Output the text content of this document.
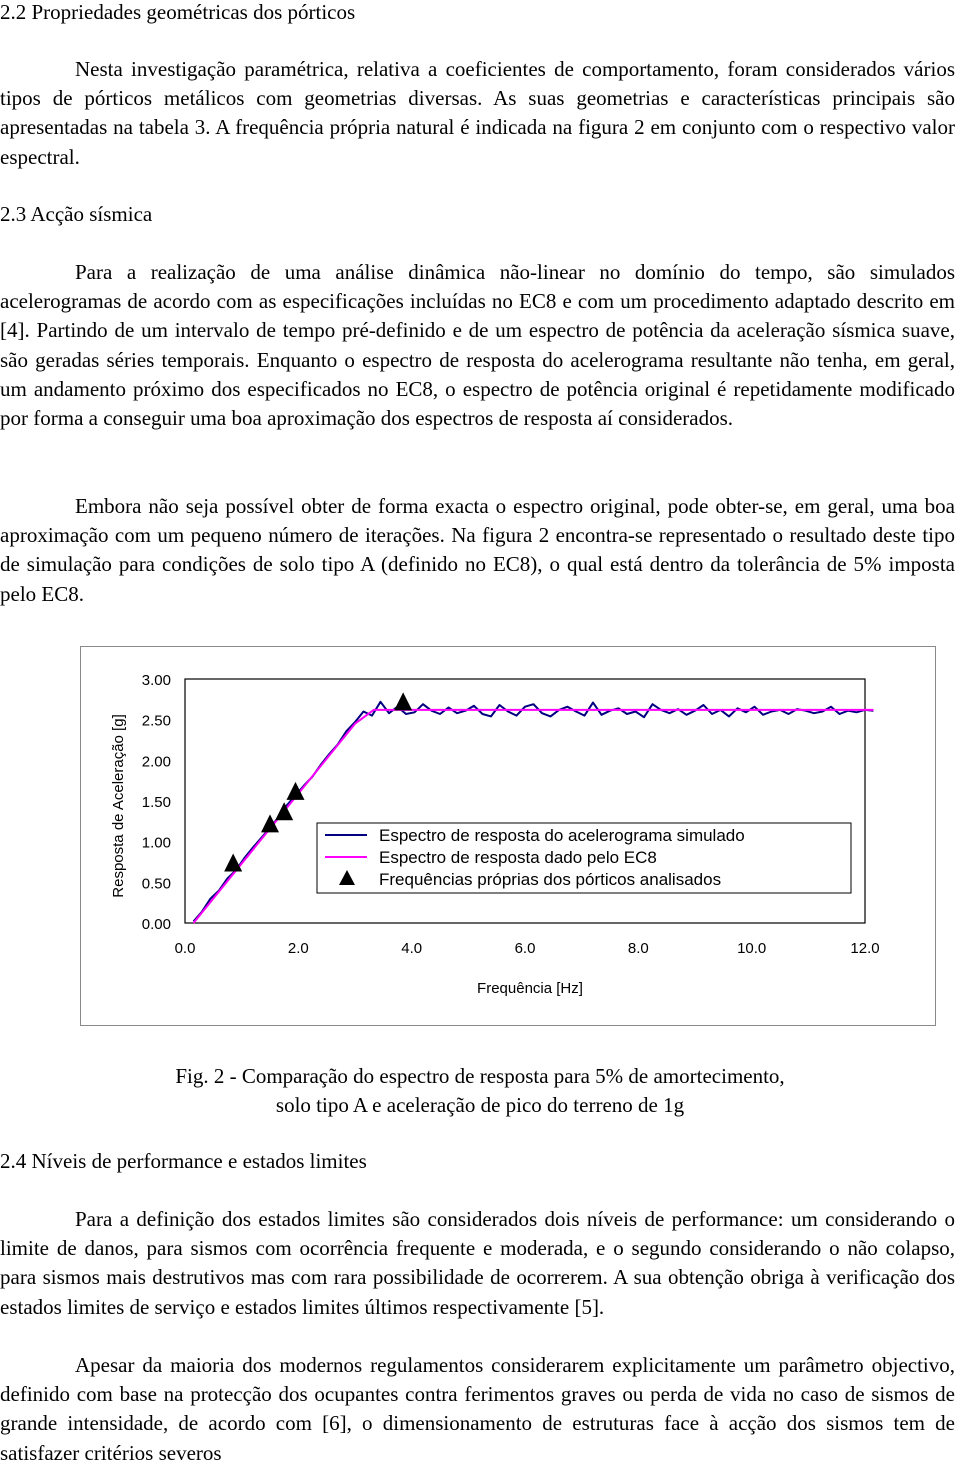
2.2 Propriedades geométricas dos pórticos

Nesta investigação paramétrica, relativa a coeficientes de comportamento, foram considerados vários tipos de pórticos metálicos com geometrias diversas. As suas geometrias e características principais são apresentadas na tabela 3. A frequência própria natural é indicada na figura 2 em conjunto com o respectivo valor espectral.

2.3 Acção sísmica

Para a realização de uma análise dinâmica não-linear no domínio do tempo, são simulados acelerogramas de acordo com as especificações incluídas no EC8 e com um procedimento adaptado descrito em [4]. Partindo de um intervalo de tempo pré-definido e de um espectro de potência da aceleração sísmica suave, são geradas séries temporais. Enquanto o espectro de resposta do acelerograma resultante não tenha, em geral, um andamento próximo dos especificados no EC8, o espectro de potência original é repetidamente modificado por forma a conseguir uma boa aproximação dos espectros de resposta aí considerados.

Embora não seja possível obter de forma exacta o espectro original, pode obter-se, em geral, uma boa aproximação com um pequeno número de iterações. Na figura 2 encontra-se representado o resultado deste tipo de simulação para condições de solo tipo A (definido no EC8), o qual está dentro da tolerância de 5% imposta pelo EC8.

0.00
0.50
1.00
1.50
2.00
2.50
3.00
0.0	2.0	4.0	6.0	8.0	10.0	12.0
Frequência [Hz]
Resposta de Aceleração [g]	Espectro de resposta do acelerograma simulado
Espectro de resposta dado pelo EC8
Frequências próprias dos pórticos analisados
Fig. 2 - Comparação do espectro de resposta para 5% de amortecimento,
solo tipo A e aceleração de pico do terreno de 1g
2.4 Níveis de performance e estados limites

Para a definição dos estados limites são considerados dois níveis de performance: um considerando o limite de danos, para sismos com ocorrência frequente e moderada, e o segundo considerando o não colapso, para sismos mais destrutivos mas com rara possibilidade de ocorrerem. A sua obtenção obriga à verificação dos estados limites de serviço e estados limites últimos respectivamente [5].

Apesar da maioria dos modernos regulamentos considerarem explicitamente um parâmetro objectivo, definido com base na protecção dos ocupantes contra ferimentos graves ou perda de vida no caso de sismos de grande intensidade, de acordo com [6], o dimensionamento de estruturas face à acção dos sismos tem de satisfazer critérios severos
